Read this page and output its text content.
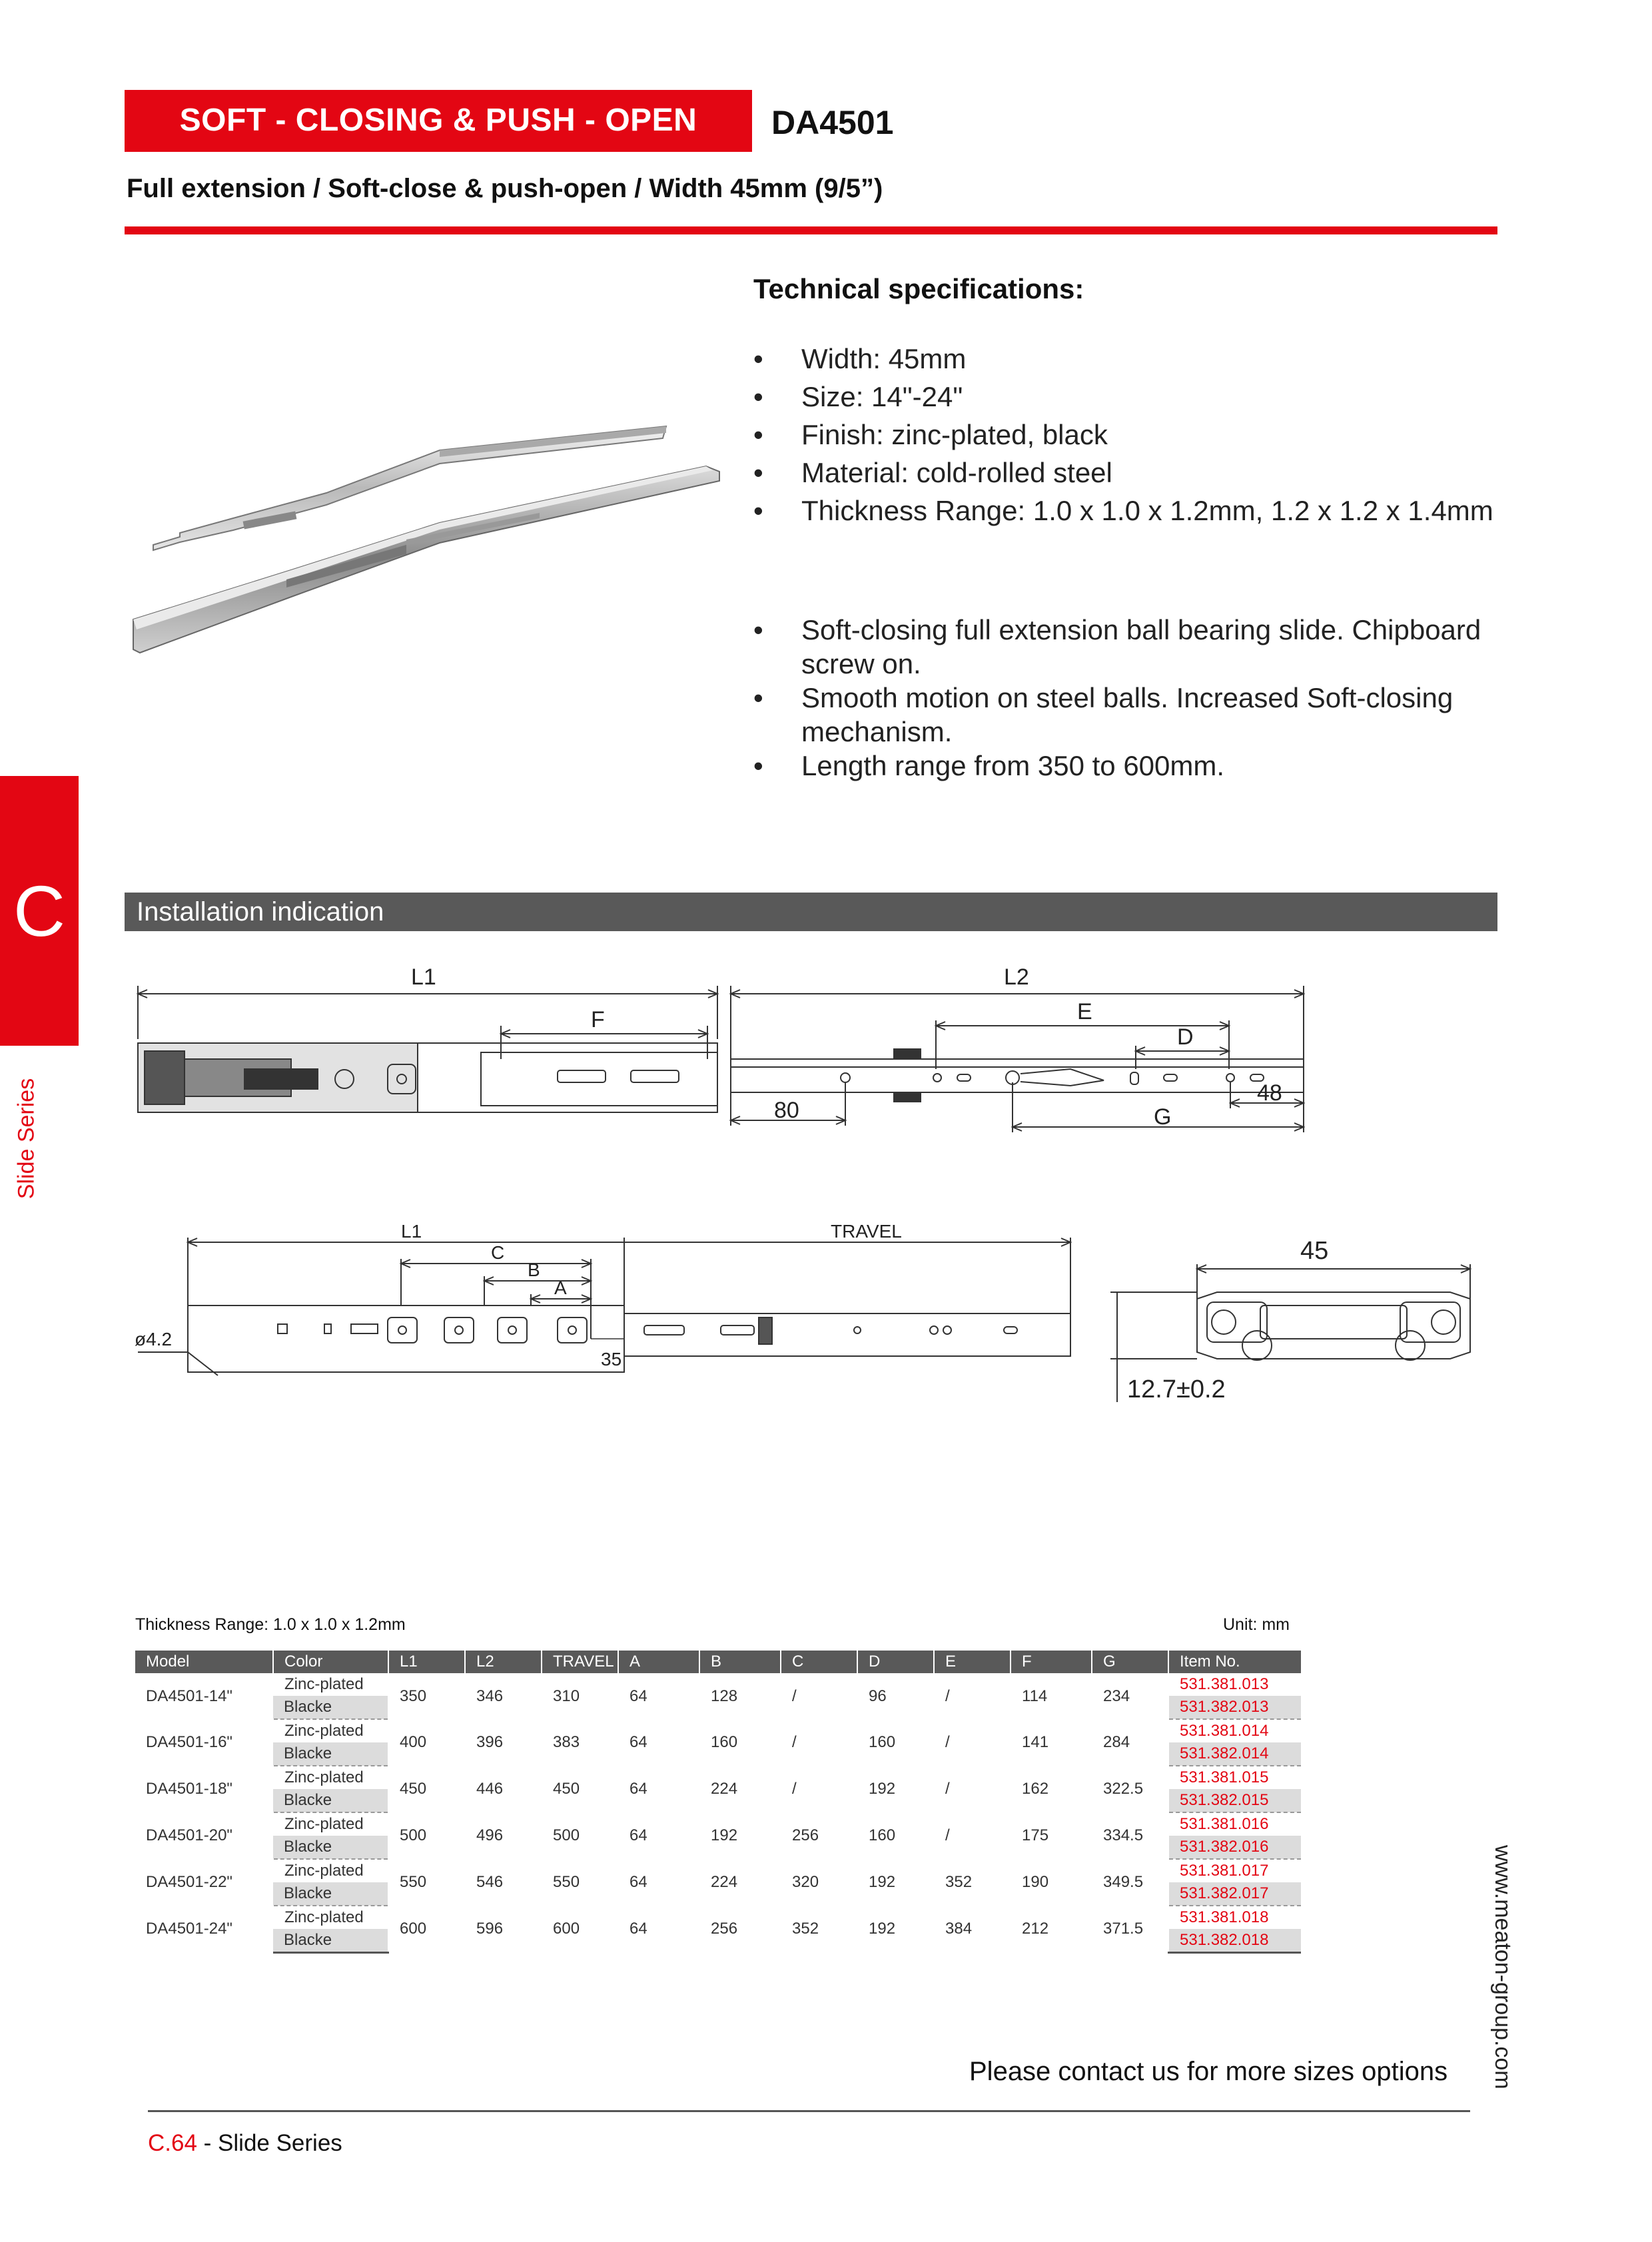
SOFT - CLOSING & PUSH - OPEN	DA4501
Full extension / Soft-close & push-open / Width 45mm (9/5”)
Technical specifications:
• Width: 45mm
• Size: 14"-24"
• Finish: zinc-plated, black
• Material: cold-rolled steel
• Thickness Range: 1.0 x 1.0 x 1.2mm, 1.2 x 1.2 x 1.4mm
• Soft-closing full extension ball bearing slide. Chipboard screw on.
• Smooth motion on steel balls. Increased Soft-closing mechanism.
• Length range from 350 to 600mm.
C
Slide Series
Installation indication
L1
F
L2
E
D
80	G
48
L1
C
B
A
TRAVEL
ø4.2
35
45
12.7±0.2
Thickness Range: 1.0 x 1.0 x 1.2mm	Unit: mm
Model	Color	L1	L2	TRAVEL	A	B	C	D	E	F	G	Item No.
DA4501-14"	Zinc-plated	350	346	310	64	128	/	96	/	114	234	531.381.013
	Blacke											531.382.013
DA4501-16"	Zinc-plated	400	396	383	64	160	/	160	/	141	284	531.381.014
	Blacke											531.382.014
DA4501-18"	Zinc-plated	450	446	450	64	224	/	192	/	162	322.5	531.381.015
	Blacke											531.382.015
DA4501-20"	Zinc-plated	500	496	500	64	192	256	160	/	175	334.5	531.381.016
	Blacke											531.382.016
DA4501-22"	Zinc-plated	550	546	550	64	224	320	192	352	190	349.5	531.381.017
	Blacke											531.382.017
DA4501-24"	Zinc-plated	600	596	600	64	256	352	192	384	212	371.5	531.381.018
	Blacke											531.382.018
Please contact us for more sizes options
C.64 - Slide Series
www.meaton-group.com
